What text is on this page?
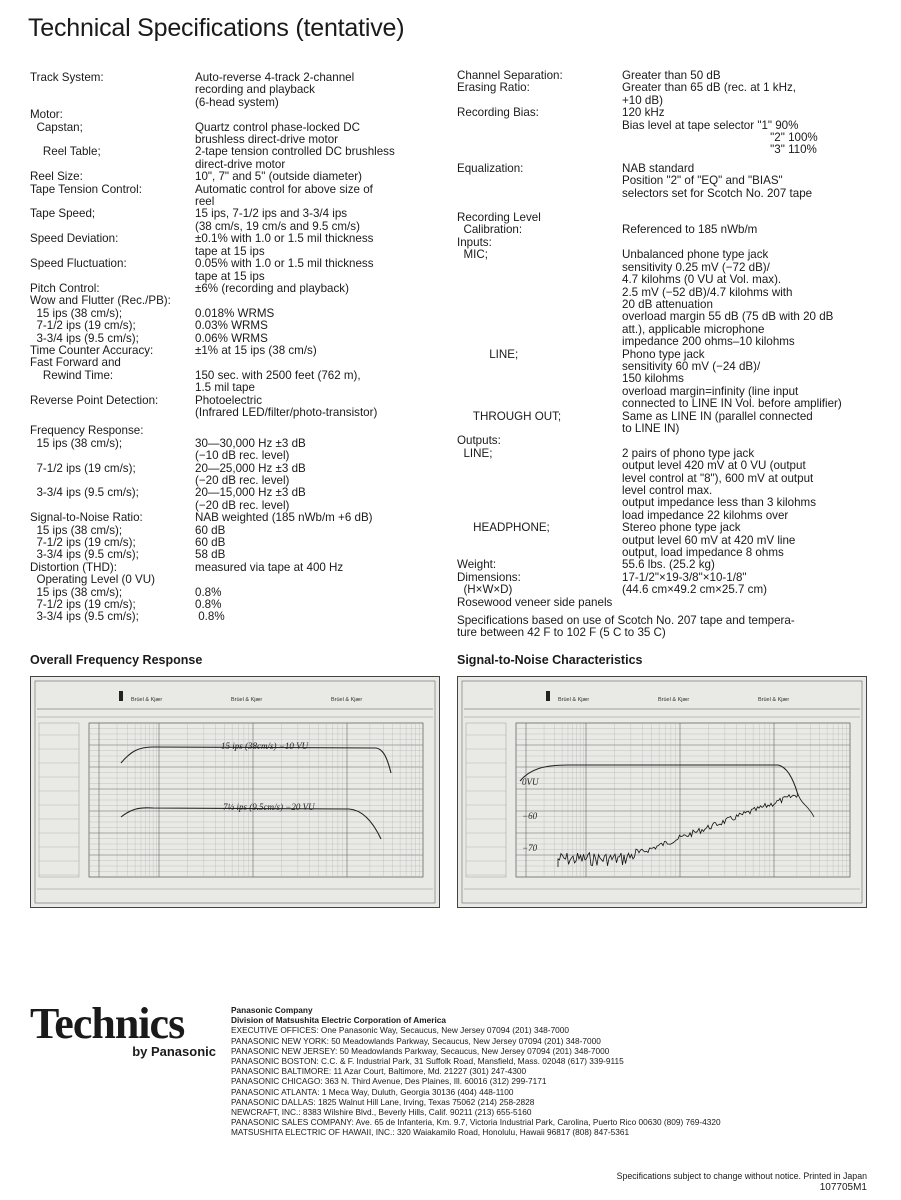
Technical Specifications (tentative)
Track System:	Auto-reverse 4-track 2-channel
recording and playback
(6-head system)
Motor:
Capstan;	Quartz control phase-locked DC
brushless direct-drive motor
Reel Table;	2-tape tension controlled DC brushless
direct-drive motor
Reel Size:	10", 7" and 5" (outside diameter)
Tape Tension Control:	Automatic control for above size of
reel
Tape Speed;	15 ips, 7-1/2 ips and 3-3/4 ips
(38 cm/s, 19 cm/s and 9.5 cm/s)
Speed Deviation:	±0.1% with 1.0 or 1.5 mil thickness
tape at 15 ips
Speed Fluctuation:	0.05% with 1.0 or 1.5 mil thickness
tape at 15 ips
Pitch Control:	±6% (recording and playback)
Wow and Flutter (Rec./PB):
15 ips (38 cm/s);	0.018% WRMS
7-1/2 ips (19 cm/s);	0.03% WRMS
3-3/4 ips (9.5 cm/s);	0.06% WRMS
Time Counter Accuracy:	±1% at 15 ips (38 cm/s)
Fast Forward and
Rewind Time:	150 sec. with 2500 feet (762 m),
1.5 mil tape
Reverse Point Detection:	Photoelectric
(Infrared LED/filter/photo-transistor)
Frequency Response:
15 ips (38 cm/s);	30—30,000 Hz ±3 dB
(−10 dB rec. level)
7-1/2 ips (19 cm/s);	20—25,000 Hz ±3 dB
(−20 dB rec. level)
3-3/4 ips (9.5 cm/s);	20—15,000 Hz ±3 dB
(−20 dB rec. level)
Signal-to-Noise Ratio:	NAB weighted (185 nWb/m +6 dB)
15 ips (38 cm/s);	60 dB
7-1/2 ips (19 cm/s);	60 dB
3-3/4 ips (9.5 cm/s);	58 dB
Distortion (THD):	measured via tape at 400 Hz
Operating Level (0 VU)
15 ips (38 cm/s);	0.8%
7-1/2 ips (19 cm/s);	0.8%
3-3/4 ips (9.5 cm/s);	0.8%
Channel Separation:	Greater than 50 dB
Erasing Ratio:	Greater than 65 dB (rec. at 1 kHz,
+10 dB)
Recording Bias:	120 kHz
Bias level at tape selector "1" 90%
"2" 100%
"3" 110%
Equalization:	NAB standard
Position "2" of "EQ" and "BIAS"
selectors set for Scotch No. 207 tape
Recording Level
Calibration:	
Referenced to 185 nWb/m
Inputs:
MIC;	Unbalanced phone type jack
sensitivity 0.25 mV (−72 dB)/
4.7 kilohms (0 VU at Vol. max).
2.5 mV (−52 dB)/4.7 kilohms with
20 dB attenuation
overload margin 55 dB (75 dB with 20 dB
att.), applicable microphone
impedance 200 ohms–10 kilohms
LINE;	Phono type jack
sensitivity 60 mV (−24 dB)/
150 kilohms
overload margin=infinity (line input
connected to LINE IN Vol. before amplifier)
THROUGH OUT;	Same as LINE IN (parallel connected
to LINE IN)
Outputs:
LINE;	2 pairs of phono type jack
output level 420 mV at 0 VU (output
level control at "8"), 600 mV at output
level control max.
output impedance less than 3 kilohms
load impedance 22 kilohms over
HEADPHONE;	Stereo phone type jack
output level 60 mV at 420 mV line
output, load impedance 8 ohms
Weight:	55.6 lbs. (25.2 kg)
Dimensions:
(H×W×D)
17-1/2"×19-3/8"×10-1/8"
(44.6 cm×49.2 cm×25.7 cm)
Rosewood veneer side panels
Specifications based on use of Scotch No. 207 tape and tempera-
ture between 42 F to 102 F (5 C to 35 C)
Overall Frequency Response
Brüel & Kjær	Brüel & Kjær	Brüel & Kjær
15 ips (38cm/s) −10 VU
7½ ips (9.5cm/s) −20 VU
Signal-to-Noise Characteristics
Brüel & Kjær	Brüel & Kjær	Brüel & Kjær
0VU
−60
−70
Technics
by Panasonic
Panasonic Company
Division of Matsushita Electric Corporation of America
EXECUTIVE OFFICES: One Panasonic Way, Secaucus, New Jersey 07094 (201) 348-7000
PANASONIC NEW YORK: 50 Meadowlands Parkway, Secaucus, New Jersey 07094 (201) 348-7000
PANASONIC NEW JERSEY: 50 Meadowlands Parkway, Secaucus, New Jersey 07094 (201) 348-7000
PANASONIC BOSTON: C.C. & F. Industrial Park, 31 Suffolk Road, Mansfield, Mass. 02048 (617) 339-9115
PANASONIC BALTIMORE: 11 Azar Court, Baltimore, Md. 21227 (301) 247-4300
PANASONIC CHICAGO: 363 N. Third Avenue, Des Plaines, Ill. 60016 (312) 299-7171
PANASONIC ATLANTA: 1 Meca Way, Duluth, Georgia 30136 (404) 448-1100
PANASONIC DALLAS: 1825 Walnut Hill Lane, Irving, Texas 75062 (214) 258-2828
NEWCRAFT, INC.: 8383 Wilshire Blvd., Beverly Hills, Calif. 90211 (213) 655-5160
PANASONIC SALES COMPANY: Ave. 65 de Infanteria, Km. 9.7, Victoria Industrial Park, Carolina, Puerto Rico 00630 (809) 769-4320
MATSUSHITA ELECTRIC OF HAWAII, INC.: 320 Waiakamilo Road, Honolulu, Hawaii 96817 (808) 847-5361
Specifications subject to change without notice. Printed in Japan
107705M1
